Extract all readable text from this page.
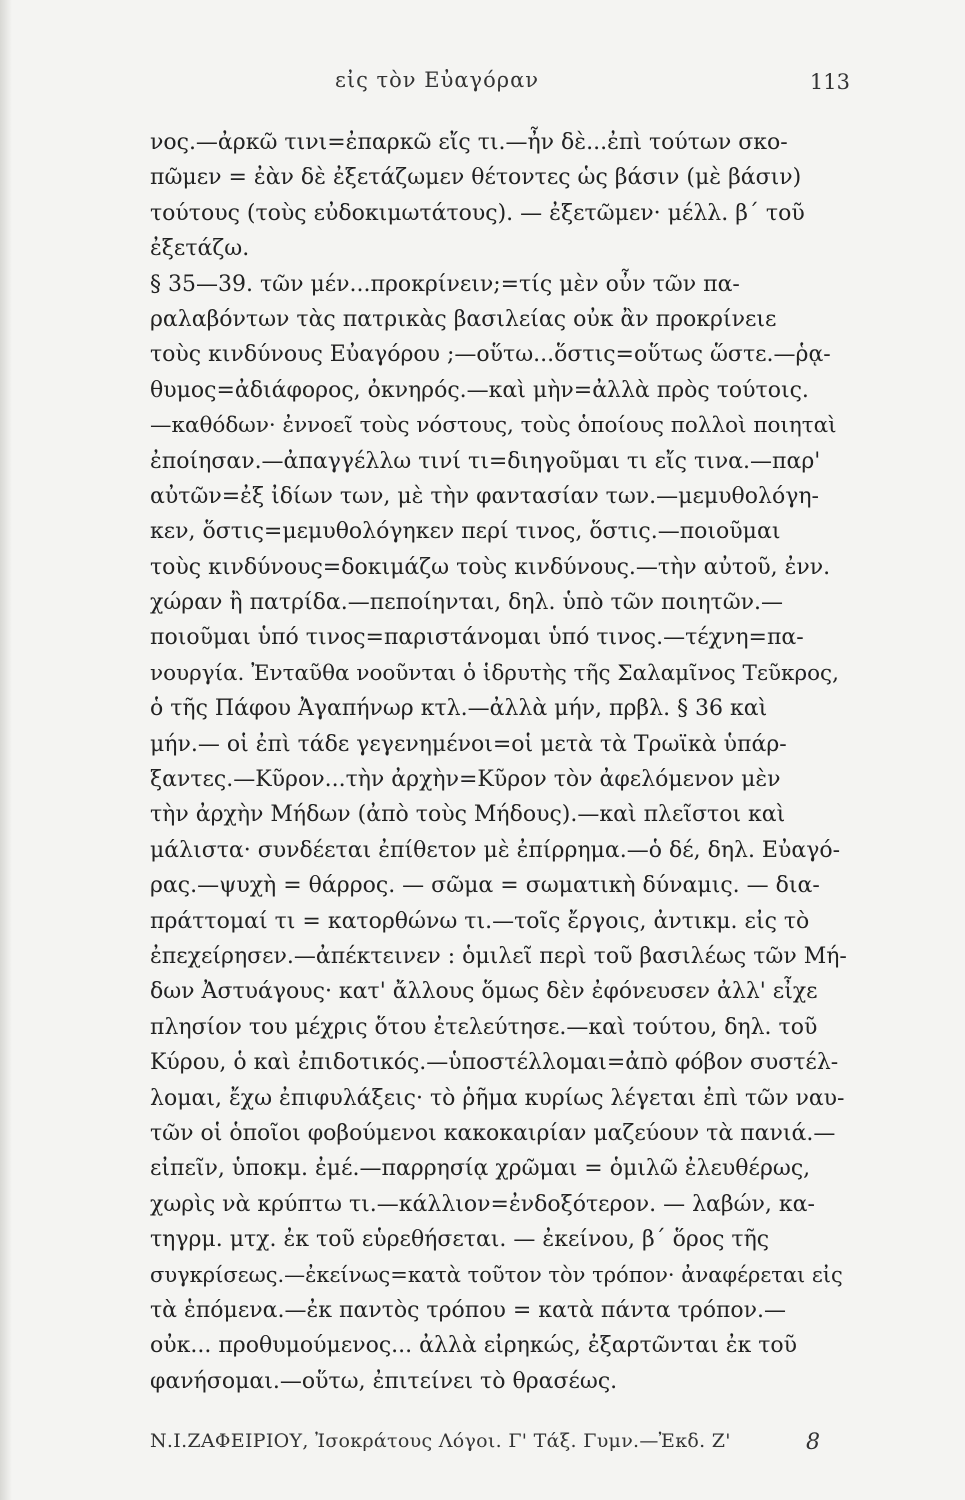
εἰς τὸν Εὐαγόραν	113
νος.—ἀρκῶ τινι=ἐπαρκῶ εἴς τι.—ἦν δὲ...ἐπὶ τούτων σκο-
πῶμεν = ἐὰν δὲ ἐξετάζωμεν θέτοντες ὡς βάσιν (μὲ βάσιν)
τούτους (τοὺς εὐδοκιμωτάτους). — ἐξετῶμεν· μέλλ. β΄ τοῦ
ἐξετάζω.
§ 35—39. τῶν μέν...προκρίνειν;=τίς μὲν οὖν τῶν πα-
ραλαβόντων τὰς πατρικὰς βασιλείας οὐκ ἂν προκρίνειε
τοὺς κινδύνους Εὐαγόρου ;—οὕτω...ὅστις=οὕτως ὥστε.—ῥᾳ-
θυμος=ἀδιάφορος, ὀκνηρός.—καὶ μὴν=ἀλλὰ πρὸς τούτοις.
—καθόδων· ἐννοεῖ τοὺς νόστους, τοὺς ὁποίους πολλοὶ ποιηταὶ
ἐποίησαν.—ἀπαγγέλλω τινί τι=διηγοῦμαι τι εἴς τινα.—παρ'
αὐτῶν=ἐξ ἰδίων των, μὲ τὴν φαντασίαν των.—μεμυθολόγη-
κεν, ὅστις=μεμυθολόγηκεν περί τινος, ὅστις.—ποιοῦμαι
τοὺς κινδύνους=δοκιμάζω τοὺς κινδύνους.—τὴν αὐτοῦ, ἐνν.
χώραν ἢ πατρίδα.—πεποίηνται, δηλ. ὑπὸ τῶν ποιητῶν.—
ποιοῦμαι ὑπό τινος=παριστάνομαι ὑπό τινος.—τέχνη=πα-
νουργία. Ἐνταῦθα νοοῦνται ὁ ἱδρυτὴς τῆς Σαλαμῖνος Τεῦκρος,
ὁ τῆς Πάφου Ἀγαπήνωρ κτλ.—ἀλλὰ μήν, πρβλ. § 36 καὶ
μήν.— οἱ ἐπὶ τάδε γεγενημένοι=οἱ μετὰ τὰ Τρωϊκὰ ὑπάρ-
ξαντες.—Κῦρον...τὴν ἀρχὴν=Κῦρον τὸν ἀφελόμενον μὲν
τὴν ἀρχὴν Μήδων (ἀπὸ τοὺς Μήδους).—καὶ πλεῖστοι καὶ
μάλιστα· συνδέεται ἐπίθετον μὲ ἐπίρρημα.—ὁ δέ, δηλ. Εὐαγό-
ρας.—ψυχὴ = θάρρος. — σῶμα = σωματικὴ δύναμις. — δια-
πράττομαί τι = κατορθώνω τι.—τοῖς ἔργοις, ἀντικμ. εἰς τὸ
ἐπεχείρησεν.—ἀπέκτεινεν : ὁμιλεῖ περὶ τοῦ βασιλέως τῶν Μή-
δων Ἀστυάγους· κατ' ἄλλους ὅμως δὲν ἐφόνευσεν ἀλλ' εἶχε
πλησίον του μέχρις ὅτου ἐτελεύτησε.—καὶ τούτου, δηλ. τοῦ
Κύρου, ὁ καὶ ἐπιδοτικός.—ὑποστέλλομαι=ἀπὸ φόβον συστέλ-
λομαι, ἔχω ἐπιφυλάξεις· τὸ ῥῆμα κυρίως λέγεται ἐπὶ τῶν ναυ-
τῶν οἱ ὁποῖοι φοβούμενοι κακοκαιρίαν μαζεύουν τὰ πανιά.—
εἰπεῖν, ὑποκμ. ἐμέ.—παρρησίᾳ χρῶμαι = ὁμιλῶ ἐλευθέρως,
χωρὶς νὰ κρύπτω τι.—κάλλιον=ἐνδοξότερον. — λαβών, κα-
τηγρμ. μτχ. ἐκ τοῦ εὑρεθήσεται. — ἐκείνου, β΄ ὅρος τῆς
συγκρίσεως.—ἐκείνως=κατὰ τοῦτον τὸν τρόπον· ἀναφέρεται εἰς
τὰ ἑπόμενα.—ἐκ παντὸς τρόπου = κατὰ πάντα τρόπον.—
οὐκ... προθυμούμενος... ἀλλὰ εἰρηκώς, ἐξαρτῶνται ἐκ τοῦ
φανήσομαι.—οὕτω, ἐπιτείνει τὸ θρασέως.
Ν.Ι.ΖΑΦΕΙΡΙΟΥ, Ἰσοκράτους Λόγοι. Γ' Τάξ. Γυμν.—Ἐκδ. Ζ'	8
